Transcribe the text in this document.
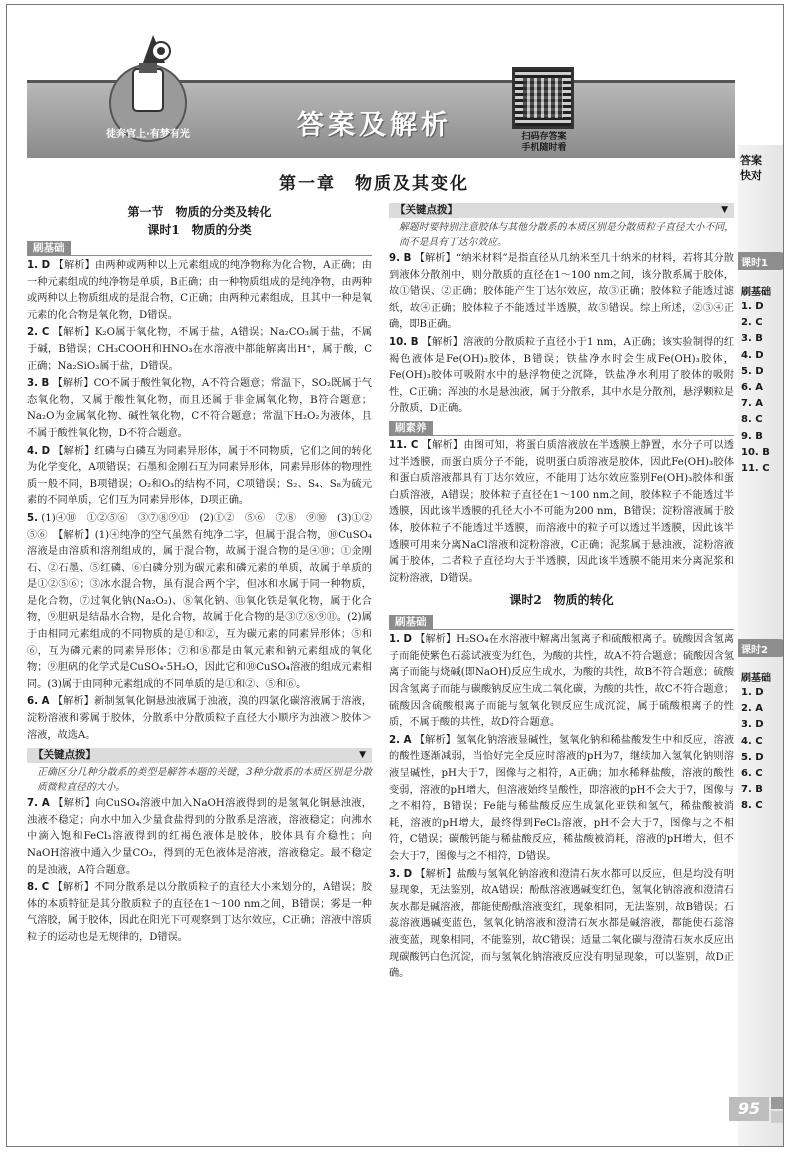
答案及解析
徒奔官上·有梦有光	扫码存答案
手机随时看
第一章　物质及其变化
第一节　物质的分类及转化
课时1　物质的分类
刷基础
1. D 【解析】由两种或两种以上元素组成的纯净物称为化合物，A正确；由一种元素组成的纯净物是单质，B正确；由一种物质组成的是纯净物，由两种或两种以上物质组成的是混合物，C正确；由两种元素组成，且其中一种是氧元素的化合物是氧化物，D错误。
2. C 【解析】K₂O属于氧化物，不属于盐，A错误；Na₂CO₃属于盐，不属于碱，B错误；CH₃COOH和HNO₃在水溶液中都能解离出H⁺，属于酸，C正确；Na₂SiO₃属于盐，D错误。
3. B 【解析】CO不属于酸性氧化物，A不符合题意；常温下，SO₂既属于气态氧化物，又属于酸性氧化物，而且还属于非金属氧化物，B符合题意；Na₂O为金属氧化物、碱性氧化物，C不符合题意；常温下H₂O₂为液体，且不属于酸性氧化物，D不符合题意。
4. D 【解析】红磷与白磷互为同素异形体，属于不同物质，它们之间的转化为化学变化，A项错误；石墨和金刚石互为同素异形体，同素异形体的物理性质一般不同，B项错误；O₂和O₃的结构不同，C项错误；S₂、S₄、S₈为硫元素的不同单质，它们互为同素异形体，D项正确。
5. (1)④⑩　①②⑤⑥　③⑦⑧⑨⑪　(2)①②　⑤⑥　⑦⑧　⑨⑩　(3)①②　⑤⑥　【解析】(1)④纯净的空气虽然有纯净二字，但属于混合物，⑩CuSO₄溶液是由溶质和溶剂组成的，属于混合物，故属于混合物的是④⑩；①金刚石、②石墨、⑤红磷、⑥白磷分别为碳元素和磷元素的单质，故属于单质的是①②⑤⑥；③冰水混合物，虽有混合两个字，但冰和水属于同一种物质，是化合物，⑦过氧化钠(Na₂O₂)、⑧氧化钠、⑪氧化铁是氧化物，属于化合物，⑨胆矾是结晶水合物，是化合物，故属于化合物的是③⑦⑧⑨⑪。(2)属于由相同元素组成的不同物质的是①和②，互为碳元素的同素异形体；⑤和⑥，互为磷元素的同素异形体；⑦和⑧都是由氧元素和钠元素组成的氧化物；⑨胆矾的化学式是CuSO₄·5H₂O，因此它和⑩CuSO₄溶液的组成元素相同。(3)属于由同种元素组成的不同单质的是①和②、⑤和⑥。
6. A 【解析】新制氢氧化铜悬浊液属于浊液，溴的四氯化碳溶液属于溶液，淀粉溶液和雾属于胶体，分散系中分散质粒子直径大小顺序为浊液＞胶体＞溶液，故选A。
【关键点拨】 ▼
正确区分几种分散系的类型是解答本题的关键，3种分散系的本质区别是分散质微粒直径的大小。
7. A 【解析】向CuSO₄溶液中加入NaOH溶液得到的是氢氧化铜悬浊液，浊液不稳定；向水中加入少量食盐得到的分散系是溶液，溶液稳定；向沸水中滴入饱和FeCl₃溶液得到的红褐色液体是胶体，胶体具有介稳性；向NaOH溶液中通入少量CO₂，得到的无色液体是溶液，溶液稳定。最不稳定的是浊液，A符合题意。
8. C 【解析】不同分散系是以分散质粒子的直径大小来划分的，A错误；胶体的本质特征是其分散质粒子的直径在1～100 nm之间，B错误；雾是一种气溶胶，属于胶体，因此在阳光下可观察到丁达尔效应，C正确；溶液中溶质粒子的运动也是无规律的，D错误。
【关键点拨】 ▼
解题时要特别注意胶体与其他分散系的本质区别是分散质粒子直径大小不同，而不是具有丁达尔效应。
9. B 【解析】“纳米材料”是指直径从几纳米至几十纳米的材料，若将其分散到液体分散剂中，则分散质的直径在1～100 nm之间，该分散系属于胶体，故①错误、②正确；胶体能产生丁达尔效应，故③正确；胶体粒子能透过滤纸，故④正确；胶体粒子不能透过半透膜，故⑤错误。综上所述，②③④正确，即B正确。
10. B 【解析】溶液的分散质粒子直径小于1 nm，A正确；该实验制得的红褐色液体是Fe(OH)₃胶体，B错误；铁盐净水时会生成Fe(OH)₃胶体，Fe(OH)₃胶体可吸附水中的悬浮物使之沉降，铁盐净水利用了胶体的吸附性，C正确；浑浊的水是悬浊液，属于分散系，其中水是分散剂，悬浮颗粒是分散质，D正确。
刷素养
11. C 【解析】由图可知，将蛋白质溶液放在半透膜上静置，水分子可以透过半透膜，而蛋白质分子不能，说明蛋白质溶液是胶体，因此Fe(OH)₃胶体和蛋白质溶液都具有丁达尔效应，不能用丁达尔效应鉴别Fe(OH)₃胶体和蛋白质溶液，A错误；胶体粒子直径在1～100 nm之间，胶体粒子不能透过半透膜，因此该半透膜的孔径大小不可能为200 nm，B错误；淀粉溶液属于胶体，胶体粒子不能透过半透膜，而溶液中的粒子可以透过半透膜，因此该半透膜可用来分离NaCl溶液和淀粉溶液，C正确；泥浆属于悬浊液，淀粉溶液属于胶体，二者粒子直径均大于半透膜，因此该半透膜不能用来分离泥浆和淀粉溶液，D错误。
课时2　物质的转化
刷基础
1. D 【解析】H₂SO₄在水溶液中解离出氢离子和硫酸根离子。硫酸因含氢离子而能使紫色石蕊试液变为红色，为酸的共性，故A不符合题意；硫酸因含氢离子而能与烧碱(即NaOH)反应生成水，为酸的共性，故B不符合题意；硫酸因含氢离子而能与碳酸钠反应生成二氧化碳，为酸的共性，故C不符合题意；硫酸因含硫酸根离子而能与氢氧化钡反应生成沉淀，属于硫酸根离子的性质，不属于酸的共性，故D符合题意。
2. A 【解析】氢氧化钠溶液显碱性，氢氧化钠和稀盐酸发生中和反应，溶液的酸性逐渐减弱，当恰好完全反应时溶液的pH为7，继续加入氢氧化钠则溶液呈碱性，pH大于7，图像与之相符，A正确；加水稀释盐酸，溶液的酸性变弱，溶液的pH增大，但溶液始终呈酸性，即溶液的pH不会大于7，图像与之不相符，B错误；Fe能与稀盐酸反应生成氯化亚铁和氢气，稀盐酸被消耗，溶液的pH增大，最终得到FeCl₂溶液，pH不会大于7，图像与之不相符，C错误；碳酸钙能与稀盐酸反应，稀盐酸被消耗，溶液的pH增大，但不会大于7，图像与之不相符，D错误。
3. D 【解析】盐酸与氢氧化钠溶液和澄清石灰水都可以反应，但是均没有明显现象，无法鉴别，故A错误；酚酞溶液遇碱变红色，氢氧化钠溶液和澄清石灰水都是碱溶液，都能使酚酞溶液变红，现象相同，无法鉴别，故B错误；石蕊溶液遇碱变蓝色，氢氧化钠溶液和澄清石灰水都是碱溶液，都能使石蕊溶液变蓝，现象相同，不能鉴别，故C错误；适量二氧化碳与澄清石灰水反应出现碳酸钙白色沉淀，而与氢氧化钠溶液反应没有明显现象，可以鉴别，故D正确。
答案
快对
课时1
刷基础
1. D
2. C
3. B
4. D
5. D
6. A
7. A
8. C
9. B
10. B
11. C
课时2
刷基础
1. D
2. A
3. D
4. C
5. D
6. C
7. B
8. C
95
